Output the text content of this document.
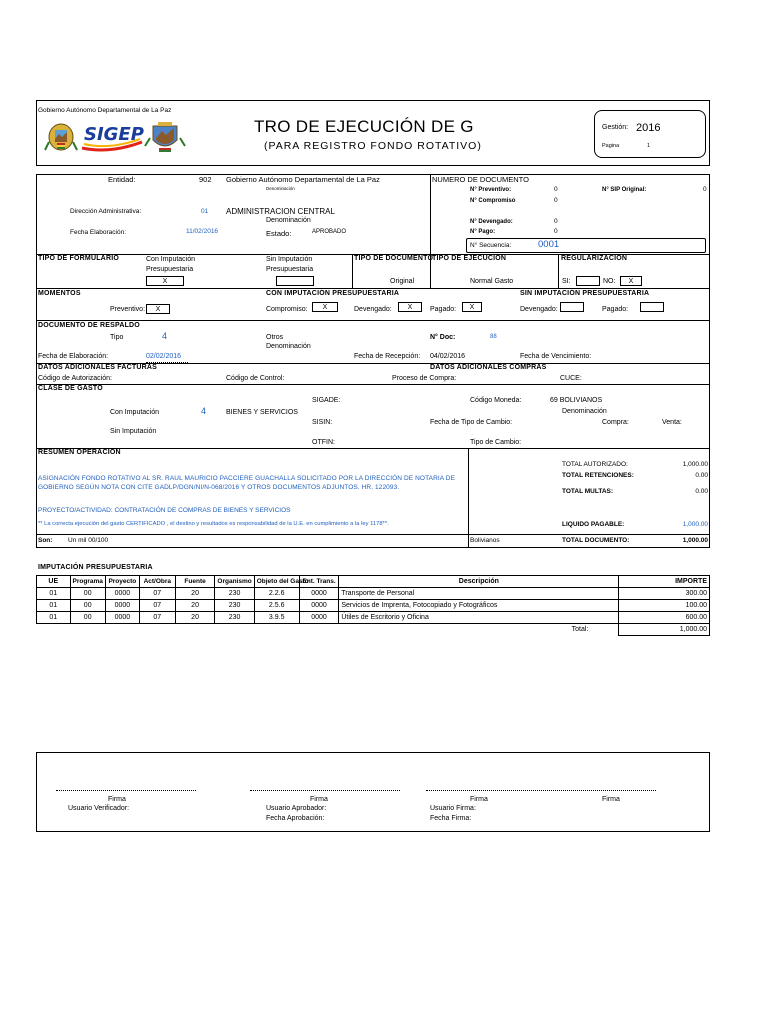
Gobierno Autónomo Departamental de La Paz
SIGEP	TRO DE EJECUCIÓN DE G
(PARA REGISTRO FONDO ROTATIVO)
Gestión: 2016
Pagina	1
Entidad:	902 Gobierno Autónomo Departamental de La Paz
Denominación
Dirección Administrativa:	01 ADMINISTRACION CENTRAL
Denominación
Fecha Elaboración:	11/02/2016	Estado:	APROBADO
NUMERO DE DOCUMENTO
N° Preventivo:	0
N° Compromiso	0
N° Devengado:	0
N° Pago:	0
N° SIP Original:	0
N° Secuencia:	0001
TIPO DE FORMULARIO	Con Imputación Presupuestaria
X
Sin Imputación Presupuestaria
TIPO DE DOCUMENTO
Original
TIPO DE EJECUCION
Normal Gasto
REGULARIZACION
SI:	NO:	X
MOMENTOS
Preventivo:	X
CON IMPUTACIÓN PRESUPUESTARIA
Compromiso:	X	Devengado:	X	Pagado:	X
SIN IMPUTACIÓN PRESUPUESTARIA
Devengado:	Pagado:
DOCUMENTO DE RESPALDO
Tipo	4	Otros
Denominación
N° Doc:	88
Fecha de Elaboración:	02/02/2016	Fecha de Recepción: 04/02/2016	Fecha de Vencimiento:
DATOS ADICIONALES FACTURAS
Código de Autorización:	Código de Control:
DATOS ADICIONALES COMPRAS
Proceso de Compra:	CUCE:
CLASE DE GASTO
Con Imputación	4	BIENES Y SERVICIOS
Sin Imputación
SIGADE:
SISIN:
OTFIN:
Código Moneda:	69 BOLIVIANOS
Denominación
Fecha de Tipo de Cambio:	Compra:	Venta:
Tipo de Cambio:
RESUMEN OPERACION
ASIGNACIÓN FONDO ROTATIVO AL SR. RAUL MAURICIO PACCIERE GUACHALLA SOLICITADO POR LA DIRECCIÓN DE NOTARIA DE GOBIERNO SEGÚN NOTA CON CITE GADLP/DGN/NI/N-068/2016 Y OTROS DOCUMENTOS ADJUNTOS. HR. 122093.
PROYECTO/ACTIVIDAD: CONTRATACIÓN DE COMPRAS DE BIENES Y SERVICIOS
** La correcta ejecución del gasto CERTIFICADO , el destino y resultados es responsabilidad de la U.E. en cumplimiento a la ley 1178**.
TOTAL AUTORIZADO:	1,000.00
TOTAL RETENCIONES:	0.00
TOTAL MULTAS:	0.00
LIQUIDO PAGABLE:	1,000.00
Son: Un mil 00/100	Bolivianos	TOTAL DOCUMENTO:	1,000.00
IMPUTACIÓN PRESUPUESTARIA
UE	Programa	Proyecto	Act/Obra	Fuente	Organismo	Objeto del Gasto	Ent. Trans.	Descripción	IMPORTE
01	00	0000	07	20	230	2.2.6	0000	Transporte de Personal	300.00
01	00	0000	07	20	230	2.5.6	0000	Servicios de Imprenta, Fotocopiado y Fotográficos	100.00
01	00	0000	07	20	230	3.9.5	0000	Útiles de Escritorio y Oficina	600.00
								Total:	1,000.00
Firma
Usuario Verificador:
Firma
Usuario Aprobador:
Fecha Aprobación:
Firma
Usuario Firma:
Fecha Firma:
Firma
